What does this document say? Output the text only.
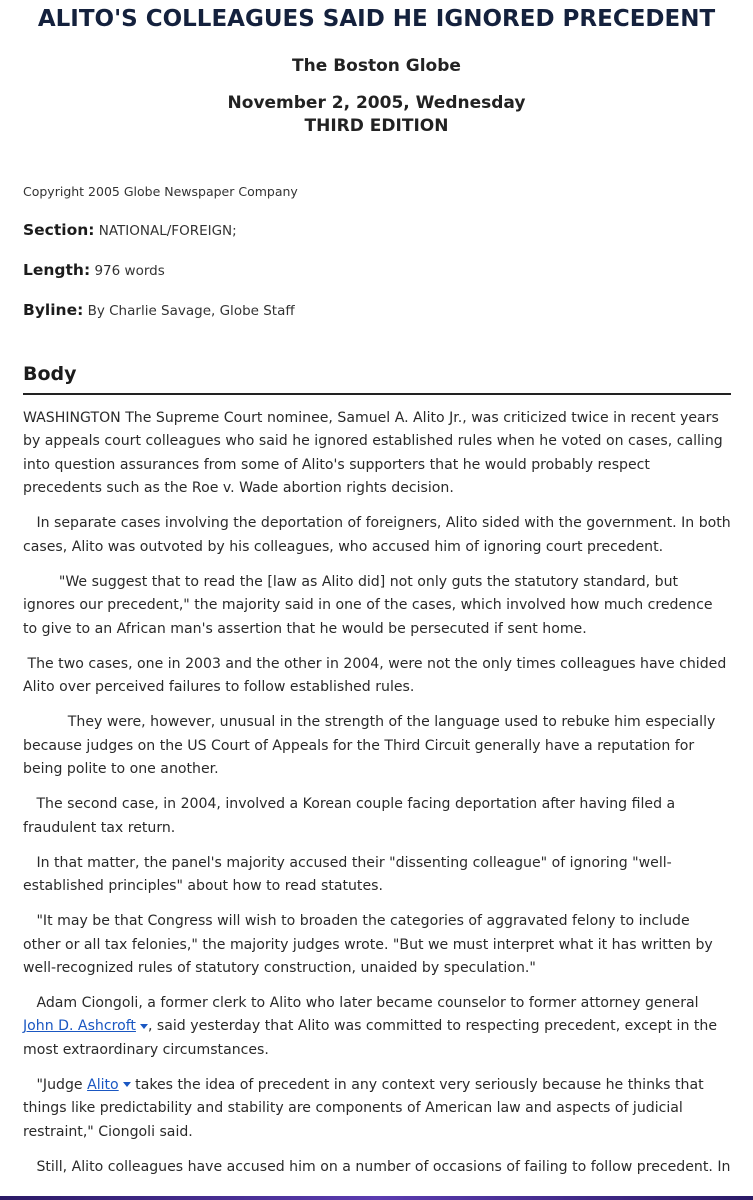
ALITO'S COLLEAGUES SAID HE IGNORED PRECEDENT
The Boston Globe
November 2, 2005, Wednesday
THIRD EDITION
Copyright 2005 Globe Newspaper Company
Section: NATIONAL/FOREIGN;
Length: 976 words
Byline: By Charlie Savage, Globe Staff
Body

WASHINGTON The Supreme Court nominee, Samuel A. Alito Jr., was criticized twice in recent years by appeals court colleagues who said he ignored established rules when he voted on cases, calling into question assurances from some of Alito's supporters that he would probably respect precedents such as the Roe v. Wade abortion rights decision.

In separate cases involving the deportation of foreigners, Alito sided with the government. In both cases, Alito was outvoted by his colleagues, who accused him of ignoring court precedent.

"We suggest that to read the [law as Alito did] not only guts the statutory standard, but ignores our precedent," the majority said in one of the cases, which involved how much credence to give to an African man's assertion that he would be persecuted if sent home.

The two cases, one in 2003 and the other in 2004, were not the only times colleagues have chided Alito over perceived failures to follow established rules.

They were, however, unusual in the strength of the language used to rebuke him especially because judges on the US Court of Appeals for the Third Circuit generally have a reputation for being polite to one another.

The second case, in 2004, involved a Korean couple facing deportation after having filed a fraudulent tax return.

In that matter, the panel's majority accused their "dissenting colleague" of ignoring "well-established principles" about how to read statutes.

"It may be that Congress will wish to broaden the categories of aggravated felony to include other or all tax felonies," the majority judges wrote. "But we must interpret what it has written by well-recognized rules of statutory construction, unaided by speculation."

Adam Ciongoli, a former clerk to Alito who later became counselor to former attorney general John D. Ashcroft , said yesterday that Alito was committed to respecting precedent, except in the most extraordinary circumstances.

"Judge Alito takes the idea of precedent in any context very seriously because he thinks that things like predictability and stability are components of American law and aspects of judicial restraint," Ciongoli said.

Still, Alito colleagues have accused him on a number of occasions of failing to follow precedent. In
